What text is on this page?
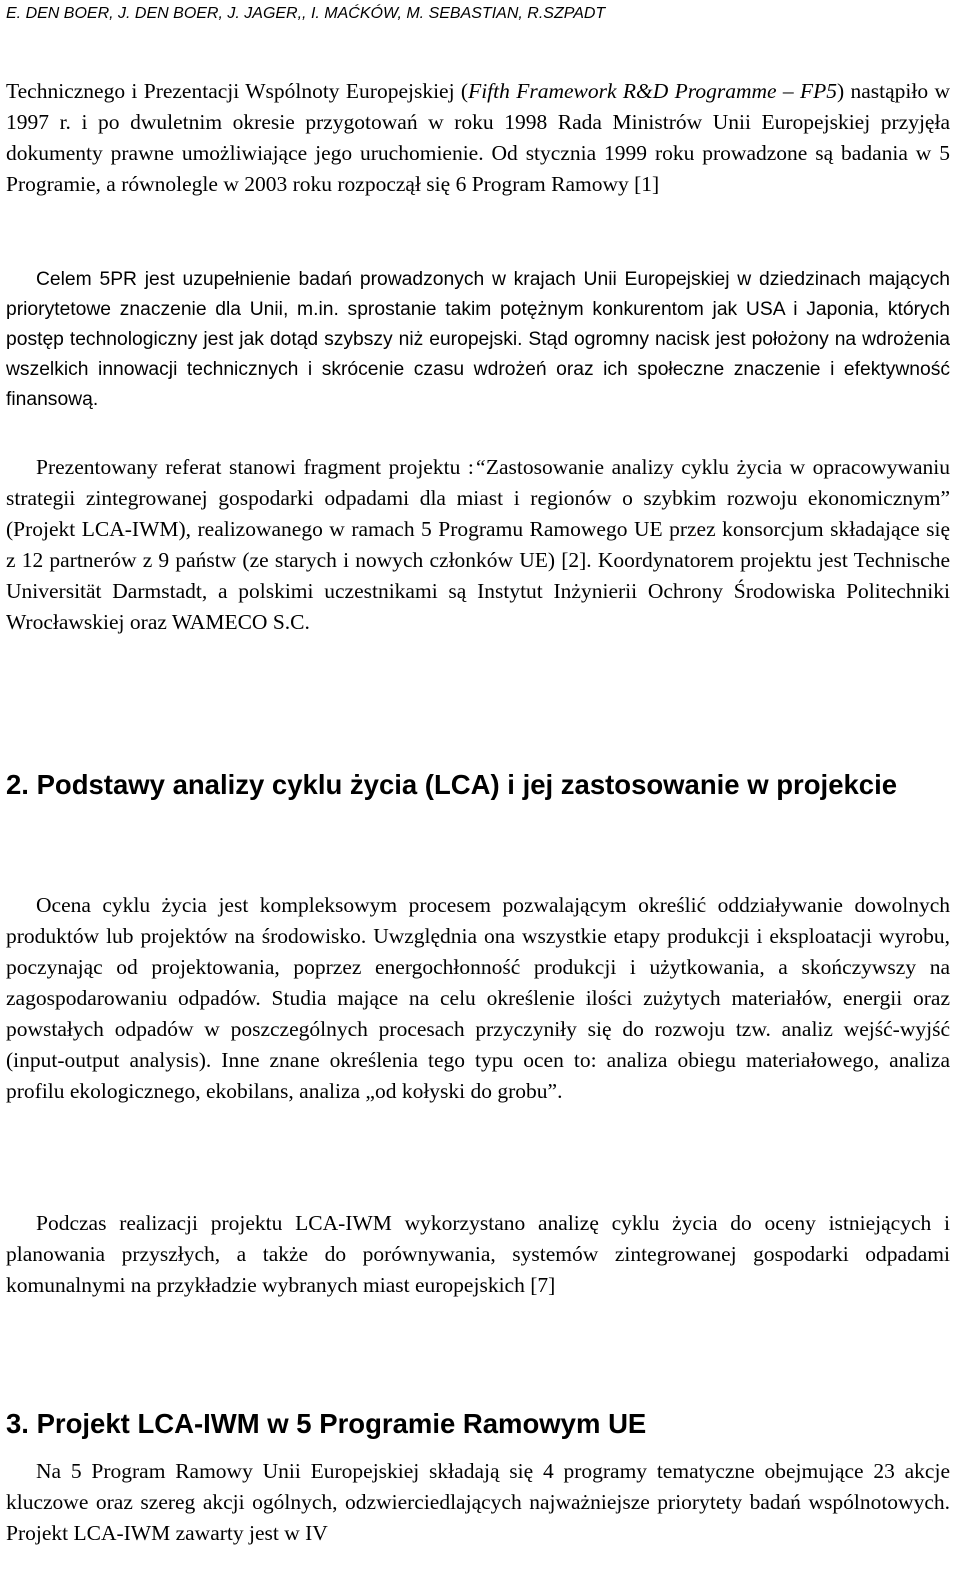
E. DEN BOER, J. DEN BOER, J. JAGER,, I. MAĆKÓW, M. SEBASTIAN, R.SZPADT

Technicznego i Prezentacji Wspólnoty Europejskiej (Fifth Framework R&D Programme – FP5) nastąpiło w 1997 r. i po dwuletnim okresie przygotowań w roku 1998 Rada Ministrów Unii Europejskiej przyjęła dokumenty prawne umożliwiające jego uruchomienie. Od stycznia 1999 roku prowadzone są badania w 5 Programie, a równolegle w 2003 roku rozpoczął się 6 Program Ramowy [1]

Celem 5PR jest uzupełnienie badań prowadzonych w krajach Unii Europejskiej w dziedzinach mających priorytetowe znaczenie dla Unii, m.in. sprostanie takim potężnym konkurentom jak USA i Japonia, których postęp technologiczny jest jak dotąd szybszy niż europejski. Stąd ogromny nacisk jest położony na wdrożenia wszelkich innowacji technicznych i skrócenie czasu wdrożeń oraz ich społeczne znaczenie i efektywność finansową.

Prezentowany referat stanowi fragment projektu :“Zastosowanie analizy cyklu życia w opracowywaniu strategii zintegrowanej gospodarki odpadami dla miast i regionów o szybkim rozwoju ekonomicznym” (Projekt LCA-IWM), realizowanego w ramach 5 Programu Ramowego UE przez konsorcjum składające się z 12 partnerów z 9 państw (ze starych i nowych członków UE) [2]. Koordynatorem projektu jest Technische Universität Darmstadt, a polskimi uczestnikami są Instytut Inżynierii Ochrony Środowiska Politechniki Wrocławskiej oraz WAMECO S.C.

2. Podstawy analizy cyklu życia (LCA) i jej zastosowanie w projekcie

Ocena cyklu życia jest kompleksowym procesem pozwalającym określić oddziaływanie dowolnych produktów lub projektów na środowisko. Uwzględnia ona wszystkie etapy produkcji i eksploatacji wyrobu, poczynając od projektowania, poprzez energochłonność produkcji i użytkowania, a skończywszy na zagospodarowaniu odpadów. Studia mające na celu określenie ilości zużytych materiałów, energii oraz powstałych odpadów w poszczególnych procesach przyczyniły się do rozwoju tzw. analiz wejść-wyjść (input-output analysis). Inne znane określenia tego typu ocen to: analiza obiegu materiałowego, analiza profilu ekologicznego, ekobilans, analiza „od kołyski do grobu”.

Podczas realizacji projektu LCA-IWM wykorzystano analizę cyklu życia do oceny istniejących i planowania przyszłych, a także do porównywania, systemów zintegrowanej gospodarki odpadami komunalnymi na przykładzie wybranych miast europejskich [7]

3. Projekt LCA-IWM w 5 Programie Ramowym UE

Na 5 Program Ramowy Unii Europejskiej składają się 4 programy tematyczne obejmujące 23 akcje kluczowe oraz szereg akcji ogólnych, odzwierciedlających najważniejsze priorytety badań wspólnotowych. Projekt LCA-IWM zawarty jest w IV
